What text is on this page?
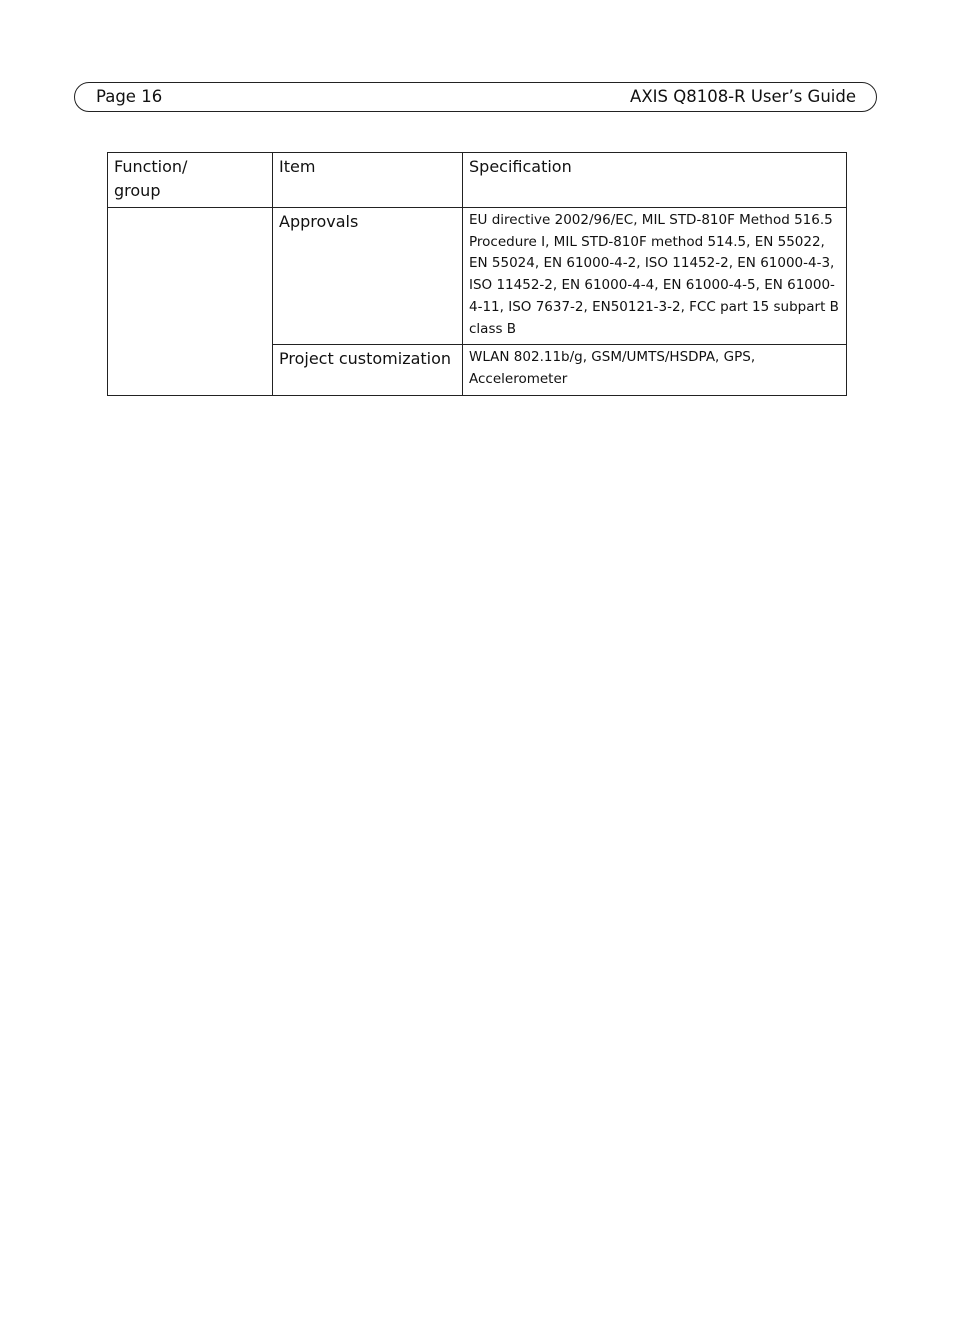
Page 16	AXIS Q8108-R User’s Guide
Function/
group	Item	Specification
	Approvals	EU directive 2002/96/EC, MIL STD-810F Method 516.5 Procedure I, MIL STD-810F method 514.5, EN 55022, EN 55024, EN 61000-4-2, ISO 11452-2, EN 61000-4-3, ISO 11452-2, EN 61000-4-4, EN 61000-4-5, EN 61000-4-11, ISO 7637-2, EN50121-3-2, FCC part 15 subpart B class B
	Project customization	WLAN 802.11b/g, GSM/UMTS/HSDPA, GPS, Accelerometer
